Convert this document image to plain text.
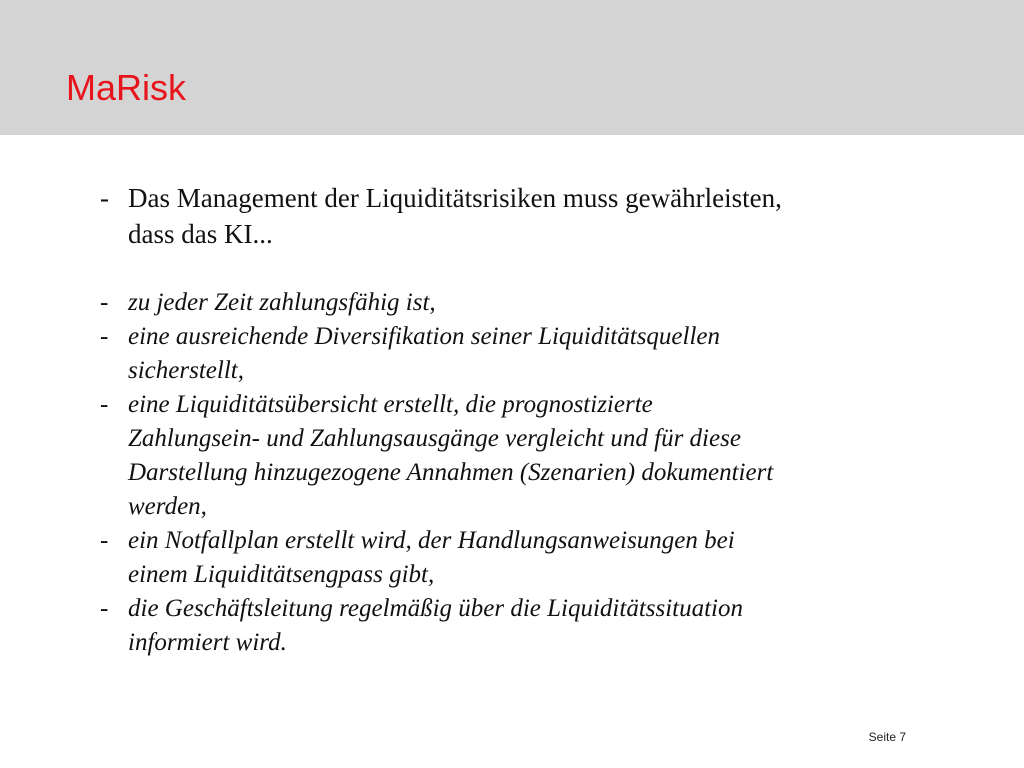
MaRisk
- Das Management der Liquiditätsrisiken muss gewährleisten,
dass das KI...
- zu jeder Zeit zahlungsfähig ist,
- eine ausreichende Diversifikation seiner Liquiditätsquellen
sicherstellt,
- eine Liquiditätsübersicht erstellt, die prognostizierte
Zahlungsein- und Zahlungsausgänge vergleicht und für diese
Darstellung hinzugezogene Annahmen (Szenarien) dokumentiert
werden,
- ein Notfallplan erstellt wird, der Handlungsanweisungen bei
einem Liquiditätsengpass gibt,
- die Geschäftsleitung regelmäßig über die Liquiditätssituation
informiert wird.
Seite 7
